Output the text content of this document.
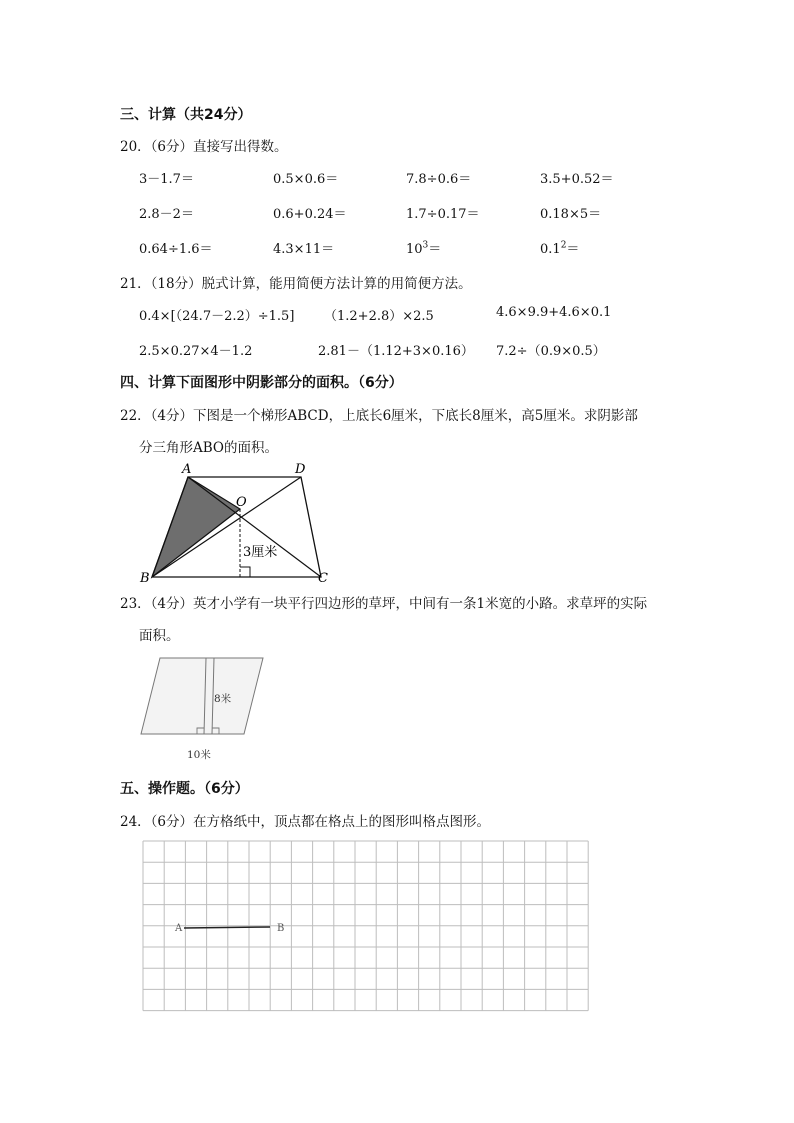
三、计算（共24分）
20．（6分）直接写出得数。
3－1.7＝	0.5×0.6＝	7.8÷0.6＝	3.5+0.52＝
2.8－2＝	0.6+0.24＝	1.7÷0.17＝	0.18×5＝
0.64÷1.6＝	4.3×11＝	$10^3=$	$0.1^2=$
21．（18分）脱式计算，能用简便方法计算的用简便方法。
0.4×[（24.7－2.2）÷1.5] （1.2+2.8）×2.5	4.6×9.9+4.6×0.1
2.5×0.27×4－1.2	2.81－（1.12+3×0.16） 7.2÷（0.9×0.5）
四、计算下面图形中阴影部分的面积。（6分）
22．（4分）下图是一个梯形ABCD，上底长6厘米，下底长8厘米，高5厘米。求阴影部
分三角形ABO的面积。
A	D
O
B	C
3厘米
23．（4分）英才小学有一块平行四边形的草坪，中间有一条1米宽的小路。求草坪的实际
面积。
8米
10米
五、操作题。（6分）
24．（6分）在方格纸中，顶点都在格点上的图形叫格点图形。
A	B
